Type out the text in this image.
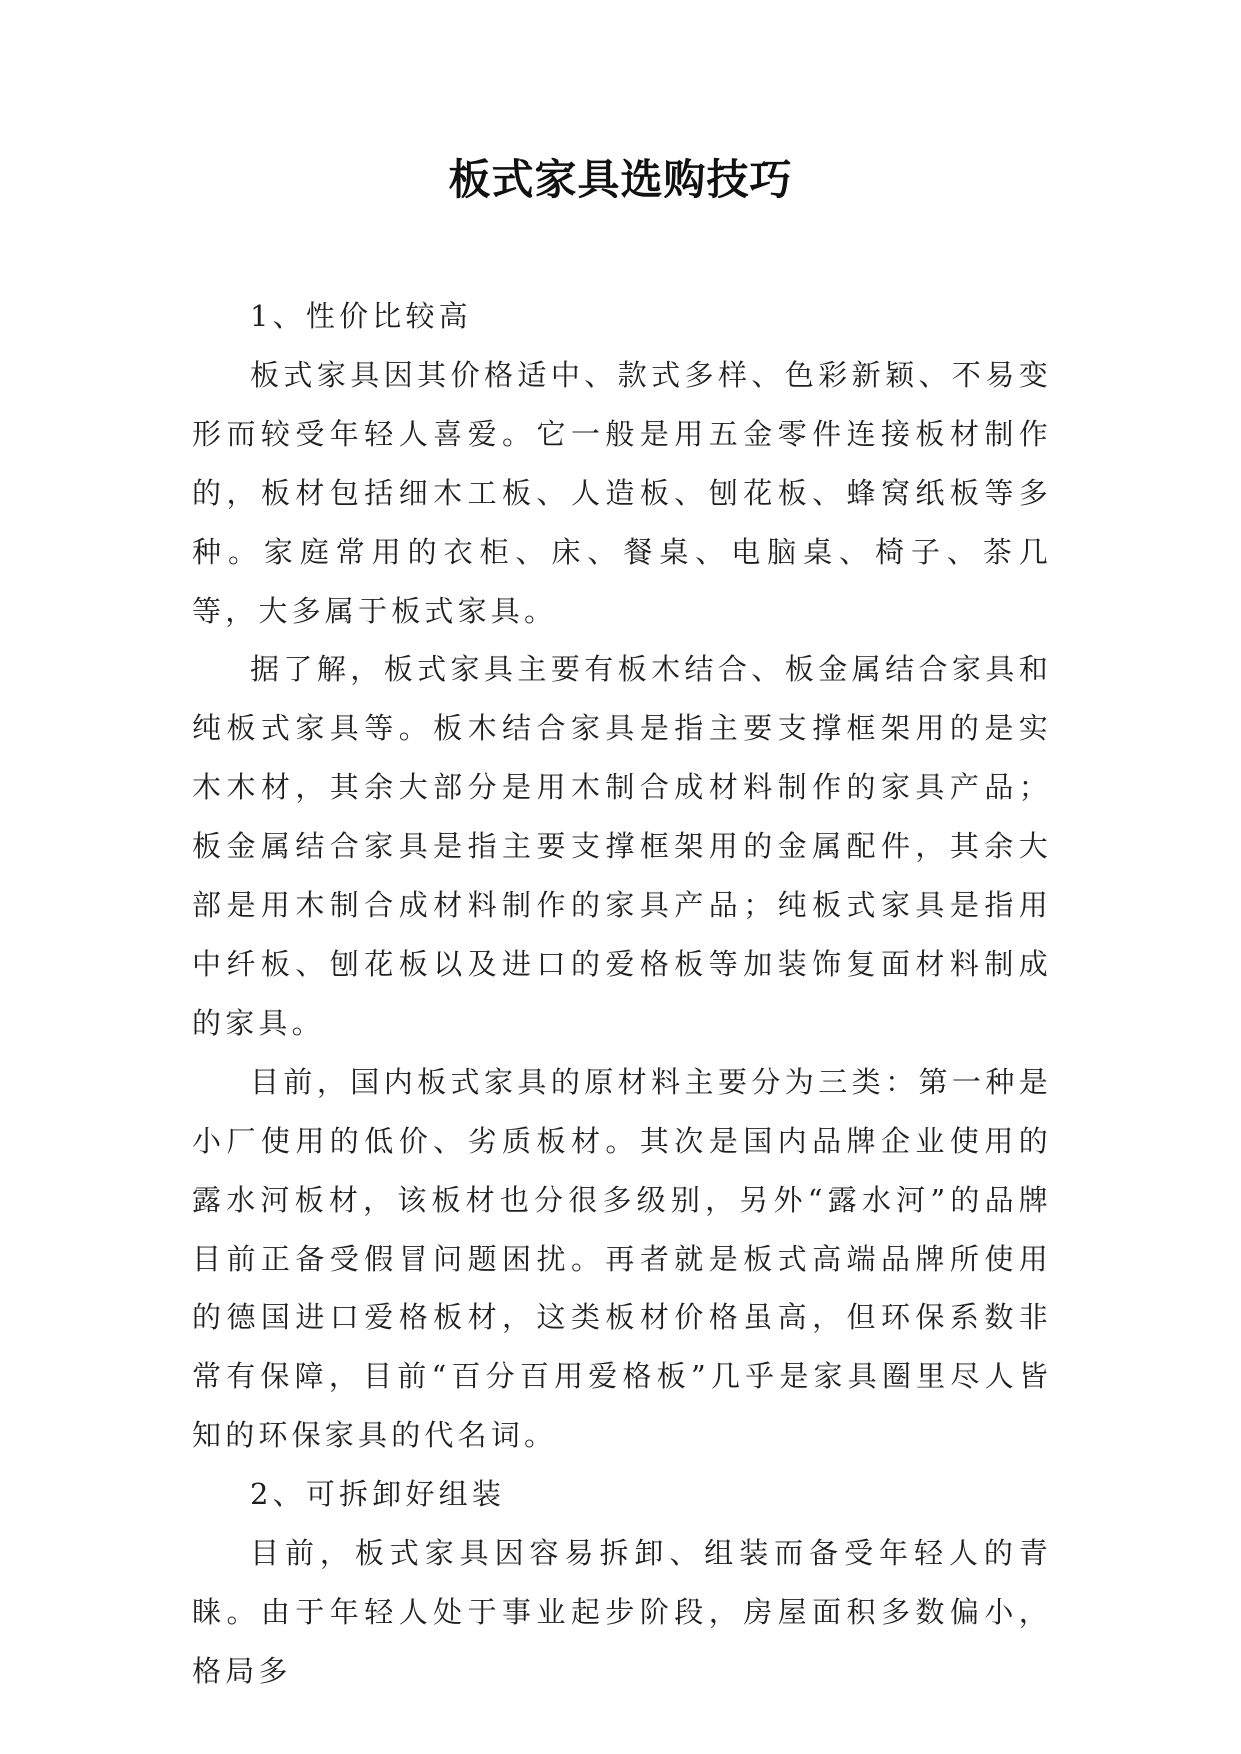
板式家具选购技巧

1、性价比较高

板式家具因其价格适中、款式多样、色彩新颖、不易变形而较受年轻人喜爱。它一般是用五金零件连接板材制作的，板材包括细木工板、人造板、刨花板、蜂窝纸板等多种。家庭常用的衣柜、床、餐桌、电脑桌、椅子、茶几等，大多属于板式家具。

据了解，板式家具主要有板木结合、板金属结合家具和纯板式家具等。板木结合家具是指主要支撑框架用的是实木木材，其余大部分是用木制合成材料制作的家具产品；板金属结合家具是指主要支撑框架用的金属配件，其余大部是用木制合成材料制作的家具产品；纯板式家具是指用中纤板、刨花板以及进口的爱格板等加装饰复面材料制成的家具。

目前，国内板式家具的原材料主要分为三类：第一种是小厂使用的低价、劣质板材。其次是国内品牌企业使用的露水河板材，该板材也分很多级别，另外“露水河”的品牌目前正备受假冒问题困扰。再者就是板式高端品牌所使用的德国进口爱格板材，这类板材价格虽高，但环保系数非常有保障，目前“百分百用爱格板”几乎是家具圈里尽人皆知的环保家具的代名词。

2、可拆卸好组装

目前，板式家具因容易拆卸、组装而备受年轻人的青睐。由于年轻人处于事业起步阶段，房屋面积多数偏小，格局多
